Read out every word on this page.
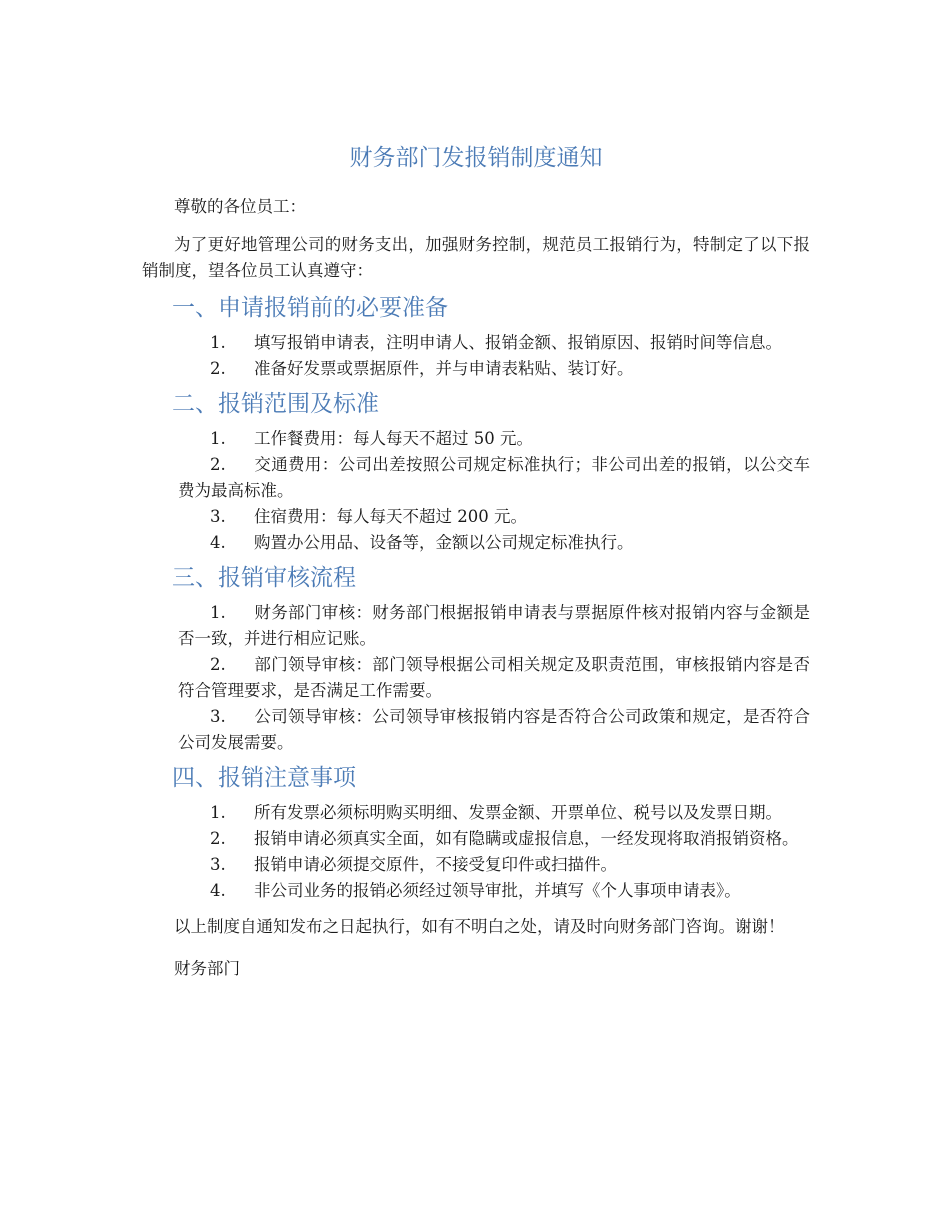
财务部门发报销制度通知

尊敬的各位员工：

为了更好地管理公司的财务支出，加强财务控制，规范员工报销行为，特制定了以下报销制度，望各位员工认真遵守：

一、申请报销前的必要准备
1. 填写报销申请表，注明申请人、报销金额、报销原因、报销时间等信息。
2. 准备好发票或票据原件，并与申请表粘贴、装订好。
二、报销范围及标准
1. 工作餐费用：每人每天不超过 50 元。
2. 交通费用：公司出差按照公司规定标准执行；非公司出差的报销，以公交车费为最高标准。
3. 住宿费用：每人每天不超过 200 元。
4. 购置办公用品、设备等，金额以公司规定标准执行。
三、报销审核流程
1. 财务部门审核：财务部门根据报销申请表与票据原件核对报销内容与金额是否一致，并进行相应记账。
2. 部门领导审核：部门领导根据公司相关规定及职责范围，审核报销内容是否符合管理要求，是否满足工作需要。
3. 公司领导审核：公司领导审核报销内容是否符合公司政策和规定，是否符合公司发展需要。
四、报销注意事项
1. 所有发票必须标明购买明细、发票金额、开票单位、税号以及发票日期。
2. 报销申请必须真实全面，如有隐瞒或虚报信息，一经发现将取消报销资格。
3. 报销申请必须提交原件，不接受复印件或扫描件。
4. 非公司业务的报销必须经过领导审批，并填写《个人事项申请表》。

以上制度自通知发布之日起执行，如有不明白之处，请及时向财务部门咨询。谢谢！

财务部门
